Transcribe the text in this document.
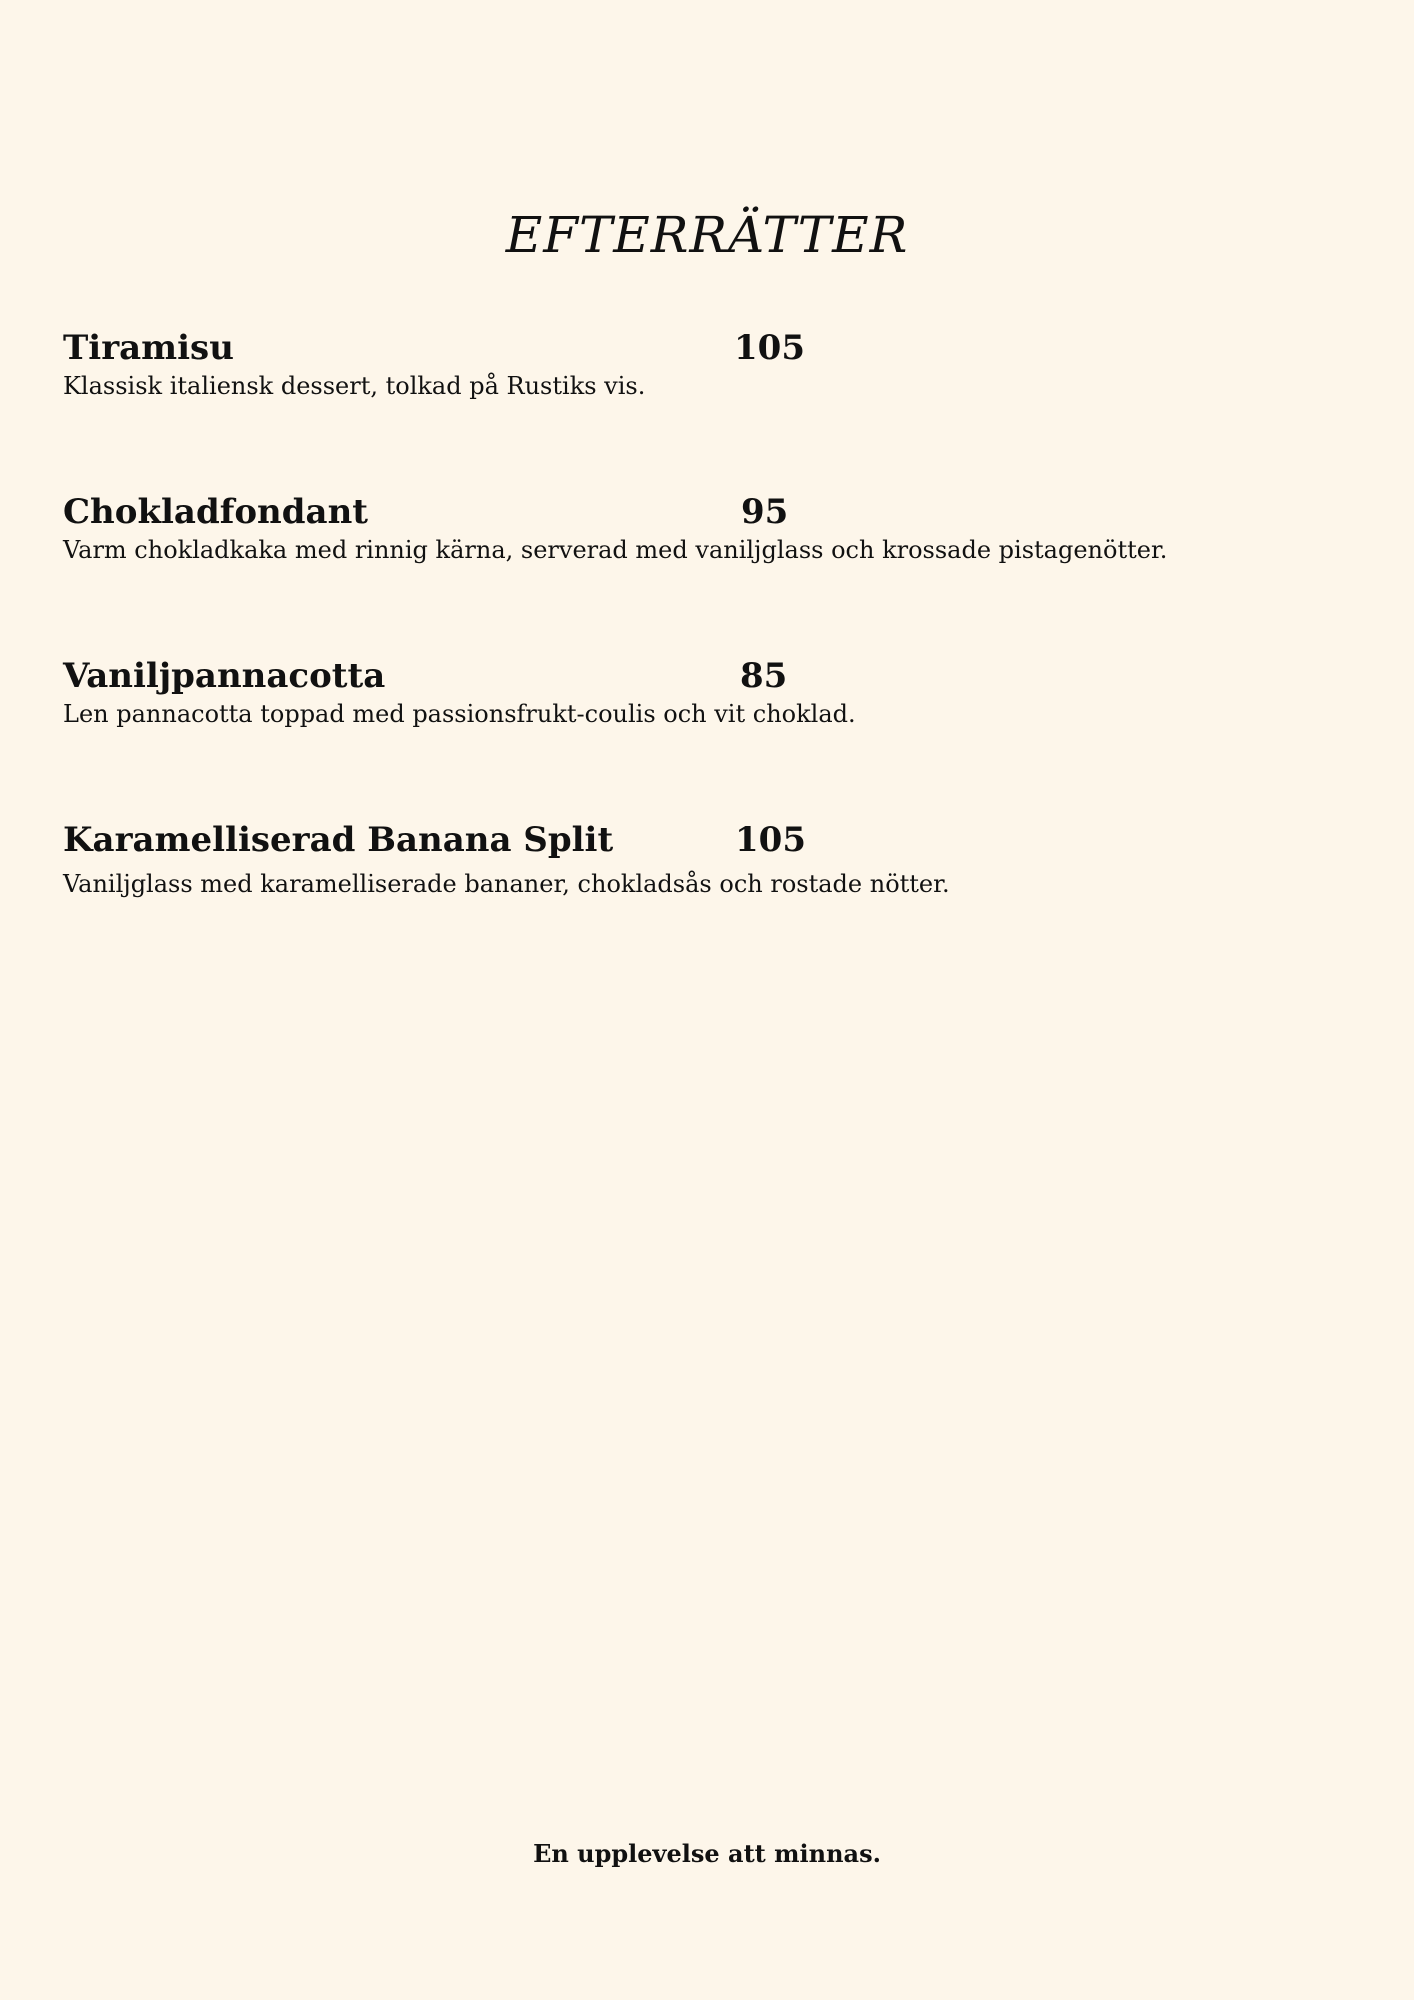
EFTERRÄTTER
Tiramisu	105
Klassisk italiensk dessert, tolkad på Rustiks vis.
Chokladfondant	95
Varm chokladkaka med rinnig kärna, serverad med vaniljglass och krossade pistagenötter.
Vaniljpannacotta	85
Len pannacotta toppad med passionsfrukt-coulis och vit choklad.
Karamelliserad Banana Split	105
Vaniljglass med karamelliserade bananer, chokladsås och rostade nötter.
En upplevelse att minnas.
